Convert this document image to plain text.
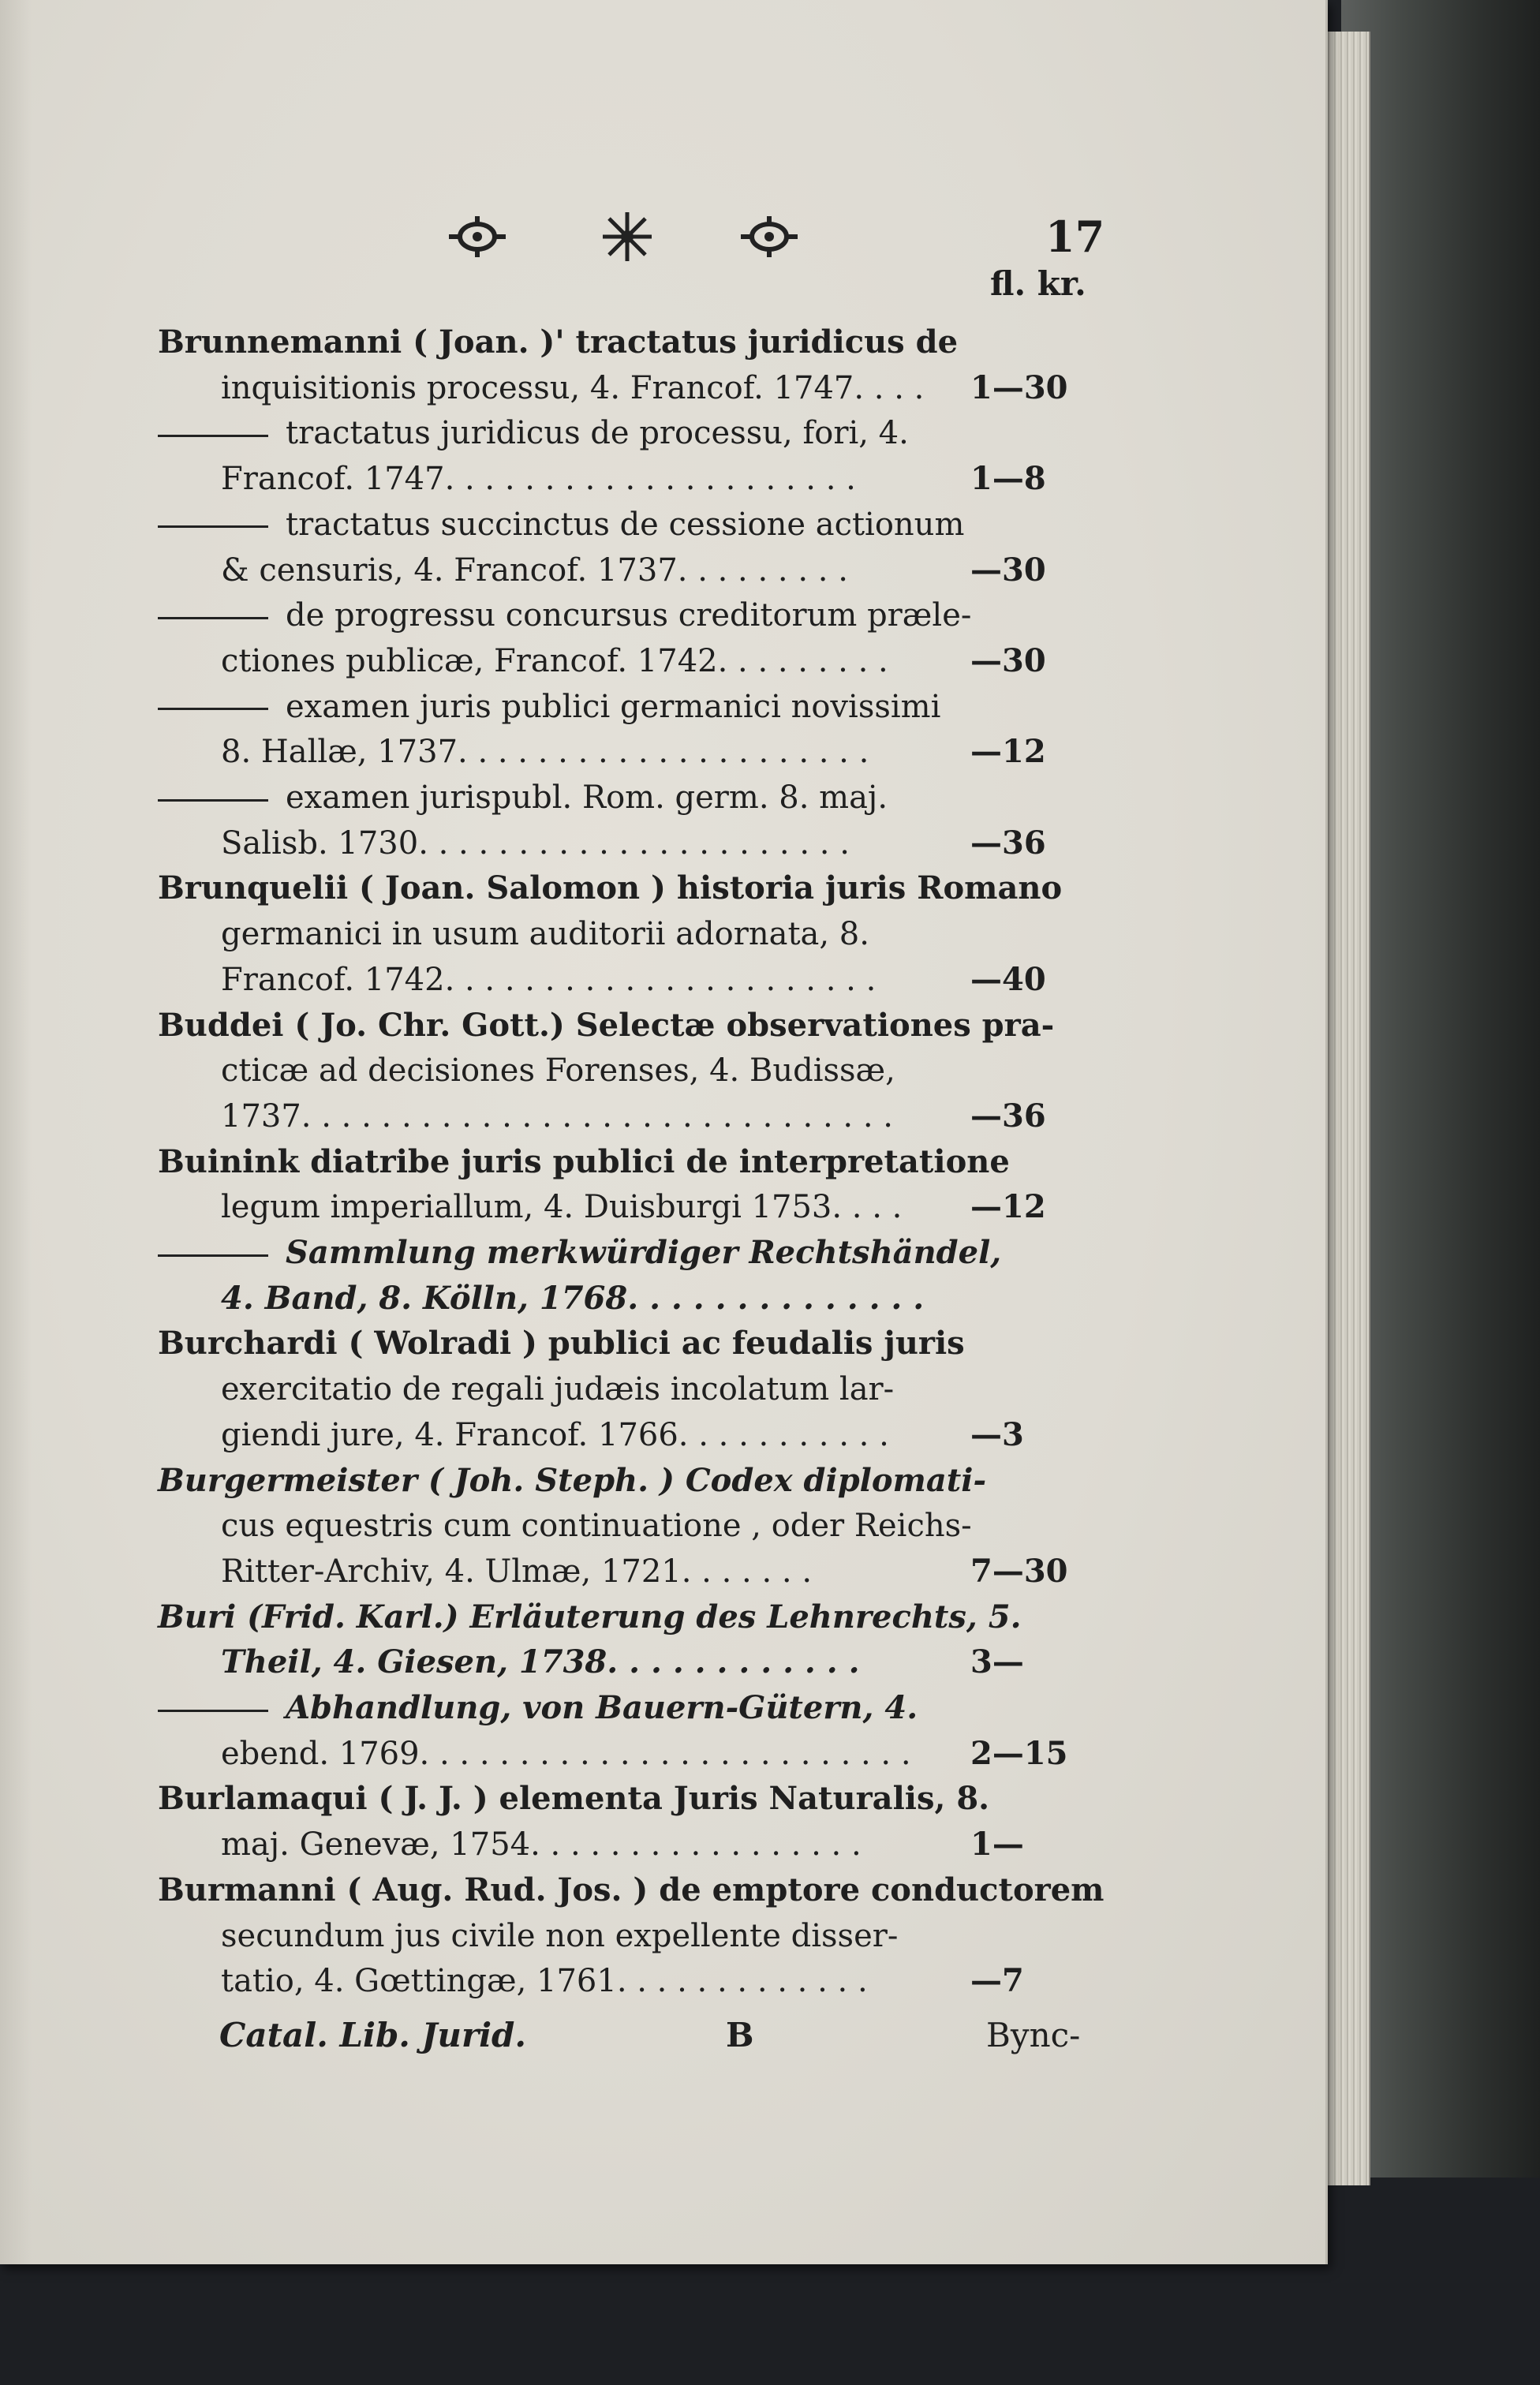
17
fl. kr.
Brunnemanni ( Joan. )' tractatus juridicus de
inquisitionis processu, 4. Francof. 1747. . . . 1—30
tractatus juridicus de processu, fori, 4.
Francof. 1747. . . . . . . . . . . . . . . . . . . . .	1—8
tractatus succinctus de cessione actionum
& censuris, 4. Francof. 1737. . . . . . . . .	—30
de progressu concursus creditorum præle-
ctiones publicæ, Francof. 1742. . . . . . . . .	—30
examen juris publici germanici novissimi
8. Hallæ, 1737. . . . . . . . . . . . . . . . . . . . .	—12
examen jurispubl. Rom. germ. 8. maj.
Salisb. 1730. . . . . . . . . . . . . . . . . . . . . .	—36
Brunquelii ( Joan. Salomon ) historia juris Romano
germanici in usum auditorii adornata, 8.
Francof. 1742. . . . . . . . . . . . . . . . . . . . . .	—40
Buddei ( Jo. Chr. Gott.) Selectæ observationes pra-
cticæ ad decisiones Forenses, 4. Budissæ,
1737. . . . . . . . . . . . . . . . . . . . . . . . . . . . . . —36
Buinink diatribe juris publici de interpretatione
legum imperiallum, 4. Duisburgi 1753. . . . —12
Sammlung merkwürdiger Rechtshändel,
4. Band, 8. Kölln, 1768. . . . . . . . . . . . . .
Burchardi ( Wolradi ) publici ac feudalis juris
exercitatio de regali judæis incolatum lar-
giendi jure, 4. Francof. 1766. . . . . . . . . . .	—3
Burgermeister ( Joh. Steph. ) Codex diplomati-
cus equestris cum continuatione , oder Reichs-
Ritter-Archiv, 4. Ulmæ, 1721. . . . . . .	7—30
Buri (Frid. Karl.) Erläuterung des Lehnrechts, 5.
Theil, 4. Giesen, 1738. . . . . . . . . . . .	3—
Abhandlung, von Bauern-Gütern, 4.
ebend. 1769. . . . . . . . . . . . . . . . . . . . . . . . . 2—15
Burlamaqui ( J. J. ) elementa Juris Naturalis, 8.
maj. Genevæ, 1754. . . . . . . . . . . . . . . . .	1—
Burmanni ( Aug. Rud. Jos. ) de emptore conductorem
secundum jus civile non expellente disser-
tatio, 4. Gœttingæ, 1761. . . . . . . . . . . . .	—7
Catal. Lib. Jurid.	B	Bync-
